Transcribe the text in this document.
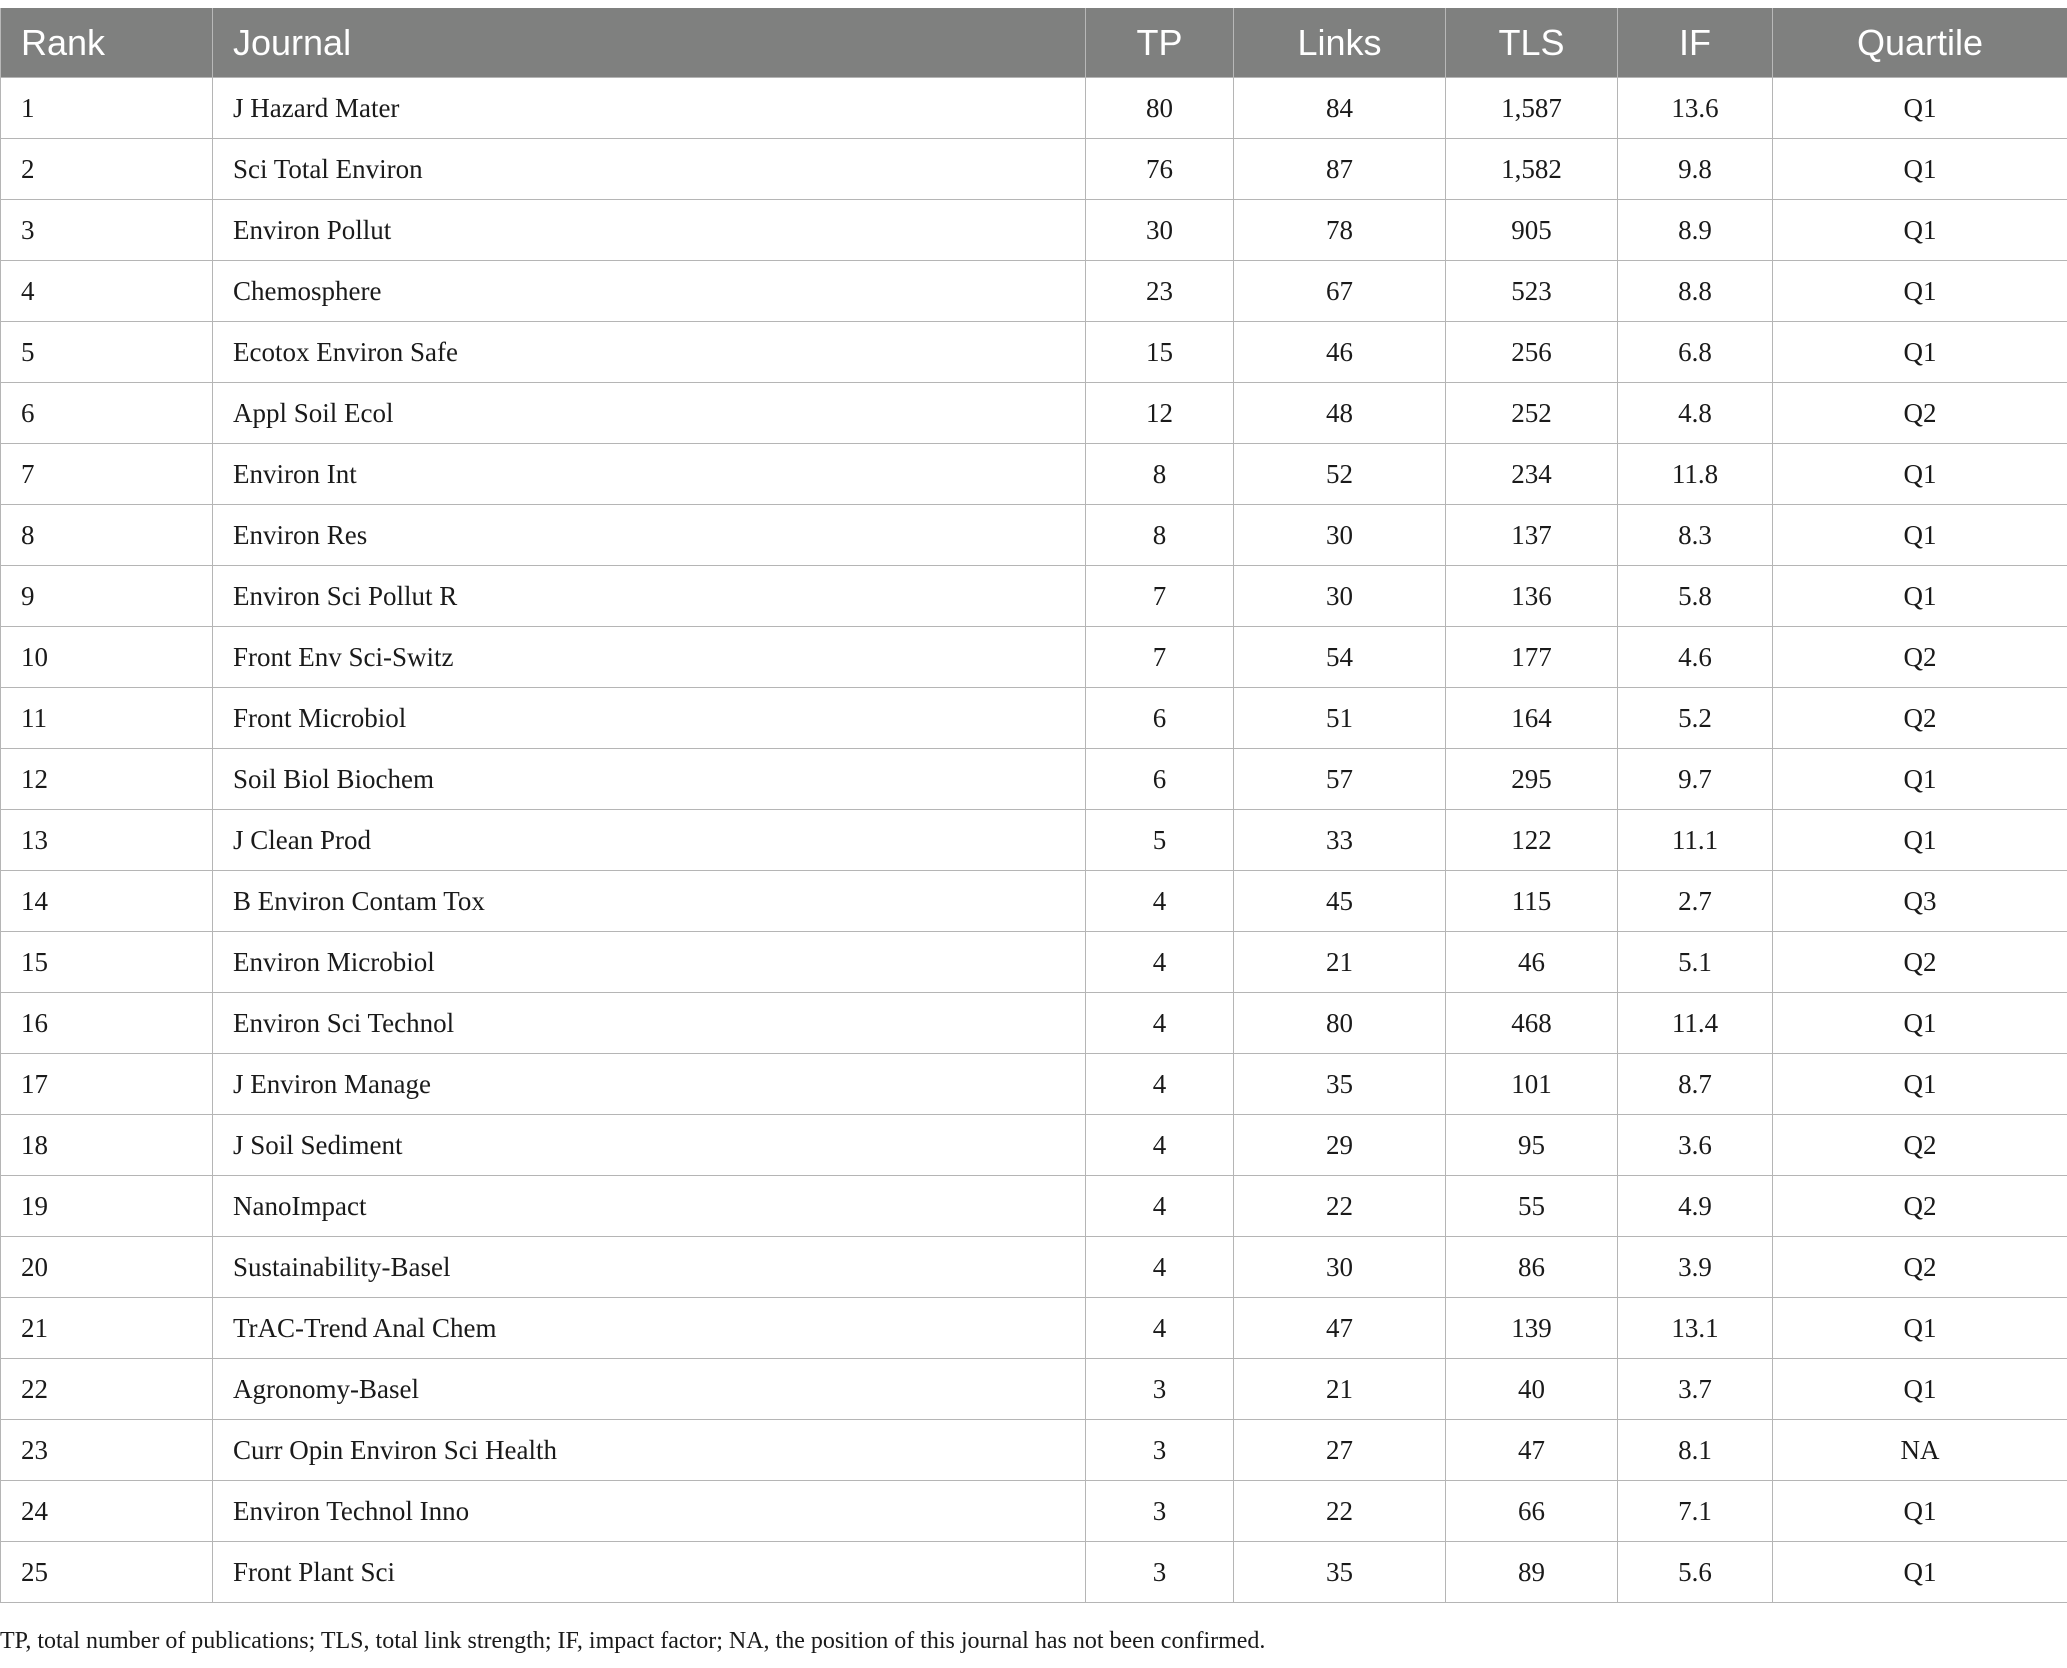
Rank	Journal	TP	Links	TLS	IF	Quartile
1	J Hazard Mater	80	84	1,587	13.6	Q1
2	Sci Total Environ	76	87	1,582	9.8	Q1
3	Environ Pollut	30	78	905	8.9	Q1
4	Chemosphere	23	67	523	8.8	Q1
5	Ecotox Environ Safe	15	46	256	6.8	Q1
6	Appl Soil Ecol	12	48	252	4.8	Q2
7	Environ Int	8	52	234	11.8	Q1
8	Environ Res	8	30	137	8.3	Q1
9	Environ Sci Pollut R	7	30	136	5.8	Q1
10	Front Env Sci-Switz	7	54	177	4.6	Q2
11	Front Microbiol	6	51	164	5.2	Q2
12	Soil Biol Biochem	6	57	295	9.7	Q1
13	J Clean Prod	5	33	122	11.1	Q1
14	B Environ Contam Tox	4	45	115	2.7	Q3
15	Environ Microbiol	4	21	46	5.1	Q2
16	Environ Sci Technol	4	80	468	11.4	Q1
17	J Environ Manage	4	35	101	8.7	Q1
18	J Soil Sediment	4	29	95	3.6	Q2
19	NanoImpact	4	22	55	4.9	Q2
20	Sustainability-Basel	4	30	86	3.9	Q2
21	TrAC-Trend Anal Chem	4	47	139	13.1	Q1
22	Agronomy-Basel	3	21	40	3.7	Q1
23	Curr Opin Environ Sci Health	3	27	47	8.1	NA
24	Environ Technol Inno	3	22	66	7.1	Q1
25	Front Plant Sci	3	35	89	5.6	Q1
TP, total number of publications; TLS, total link strength; IF, impact factor; NA, the position of this journal has not been confirmed.
